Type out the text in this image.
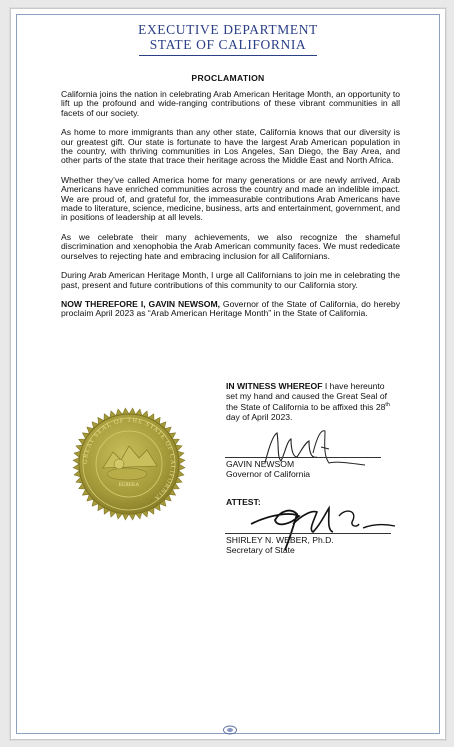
EXECUTIVE DEPARTMENT
STATE OF CALIFORNIA
PROCLAMATION

California joins the nation in celebrating Arab American Heritage Month, an opportunity to lift up the profound and wide-ranging contributions of these vibrant communities in all facets of our society.

As home to more immigrants than any other state, California knows that our diversity is our greatest gift. Our state is fortunate to have the largest Arab American population in the country, with thriving communities in Los Angeles, San Diego, the Bay Area, and other parts of the state that trace their heritage across the Middle East and North Africa.

Whether they’ve called America home for many generations or are newly arrived, Arab Americans have enriched communities across the country and made an indelible impact. We are proud of, and grateful for, the immeasurable contributions Arab Americans have made to literature, science, medicine, business, arts and entertainment, government, and in positions of leadership at all levels.

As we celebrate their many achievements, we also recognize the shameful discrimination and xenophobia the Arab American community faces. We must rededicate ourselves to rejecting hate and embracing inclusion for all Californians.

During Arab American Heritage Month, I urge all Californians to join me in celebrating the past, present and future contributions of this community to our California story.

NOW THEREFORE I, GAVIN NEWSOM, Governor of the State of California, do hereby proclaim April 2023 as “Arab American Heritage Month” in the State of California.

IN WITNESS WHEREOF I have hereunto set my hand and caused the Great Seal of the State of California to be affixed this 28th day of April 2023.
GAVIN NEWSOM
Governor of California
ATTEST:
SHIRLEY N. WEBER, Ph.D.
Secretary of State
GREAT SEAL OF THE STATE OF CALIFORNIA
EUREKA
